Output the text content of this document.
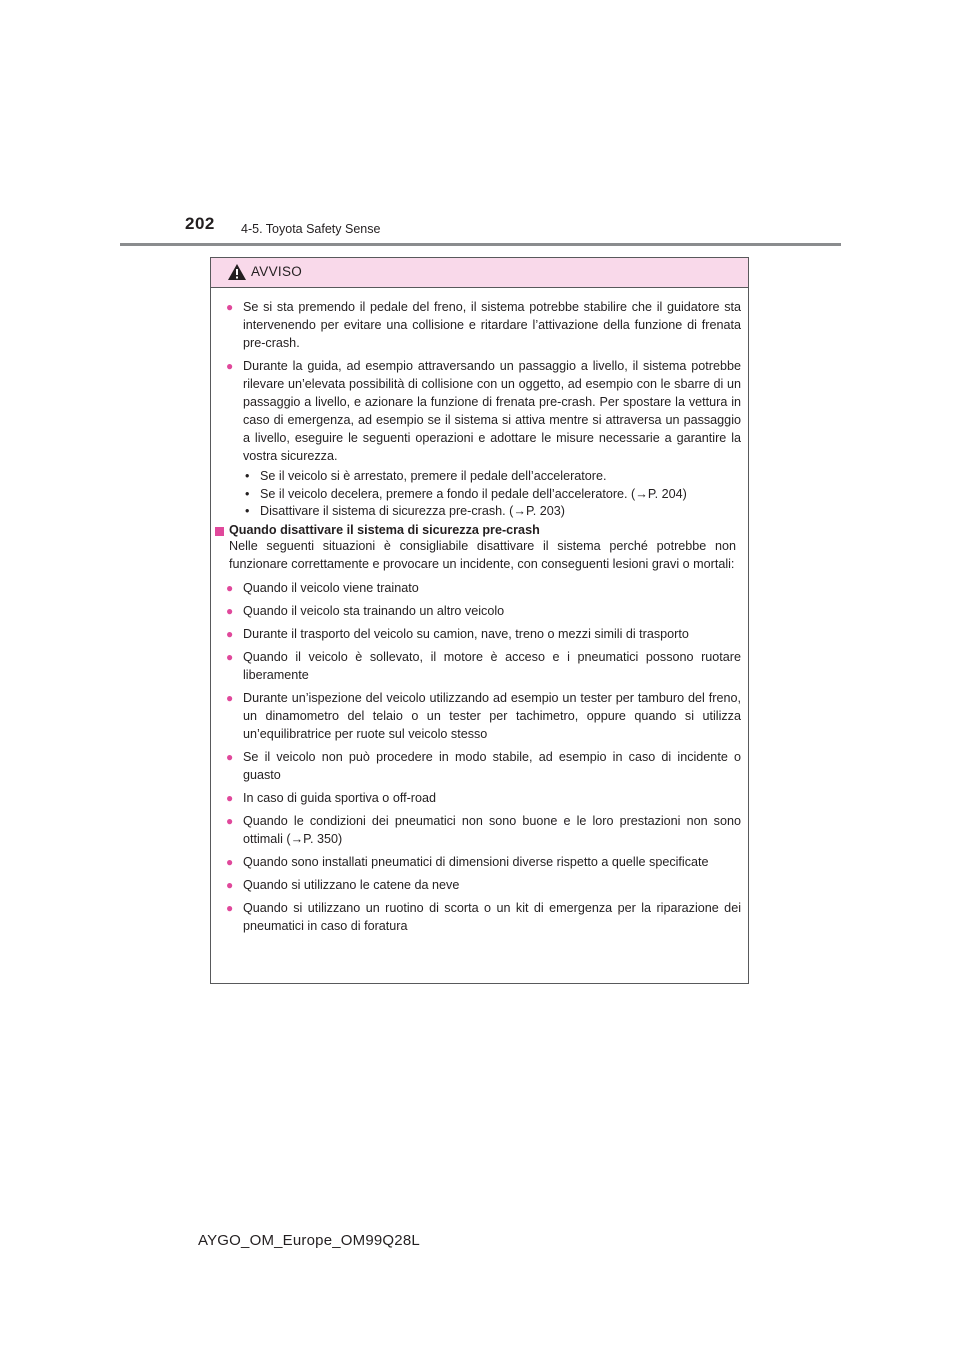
202 4-5. Toyota Safety Sense
AVVISO
● Se si sta premendo il pedale del freno, il sistema potrebbe stabilire che il guidatore sta intervenendo per evitare una collisione e ritardare l’attivazione della funzione di frenata pre-crash.
● Durante la guida, ad esempio attraversando un passaggio a livello, il sistema potrebbe rilevare un’elevata possibilità di collisione con un oggetto, ad esempio con le sbarre di un passaggio a livello, e azionare la funzione di frenata pre-crash. Per spostare la vettura in caso di emergenza, ad esempio se il sistema si attiva mentre si attraversa un passaggio a livello, eseguire le seguenti operazioni e adottare le misure necessarie a garantire la vostra sicurezza.
• Se il veicolo si è arrestato, premere il pedale dell’acceleratore.
• Se il veicolo decelera, premere a fondo il pedale dell’acceleratore. (→P. 204)
• Disattivare il sistema di sicurezza pre-crash. (→P. 203)
Quando disattivare il sistema di sicurezza pre-crash
Nelle seguenti situazioni è consigliabile disattivare il sistema perché potrebbe non funzionare correttamente e provocare un incidente, con conseguenti lesioni gravi o mortali:
● Quando il veicolo viene trainato
● Quando il veicolo sta trainando un altro veicolo
● Durante il trasporto del veicolo su camion, nave, treno o mezzi simili di trasporto
● Quando il veicolo è sollevato, il motore è acceso e i pneumatici possono ruotare liberamente
● Durante un’ispezione del veicolo utilizzando ad esempio un tester per tamburo del freno, un dinamometro del telaio o un tester per tachimetro, oppure quando si utilizza un’equilibratrice per ruote sul veicolo stesso
● Se il veicolo non può procedere in modo stabile, ad esempio in caso di incidente o guasto
● In caso di guida sportiva o off-road
● Quando le condizioni dei pneumatici non sono buone e le loro prestazioni non sono ottimali (→P. 350)
● Quando sono installati pneumatici di dimensioni diverse rispetto a quelle specificate
● Quando si utilizzano le catene da neve
● Quando si utilizzano un ruotino di scorta o un kit di emergenza per la riparazione dei pneumatici in caso di foratura
AYGO_OM_Europe_OM99Q28L
